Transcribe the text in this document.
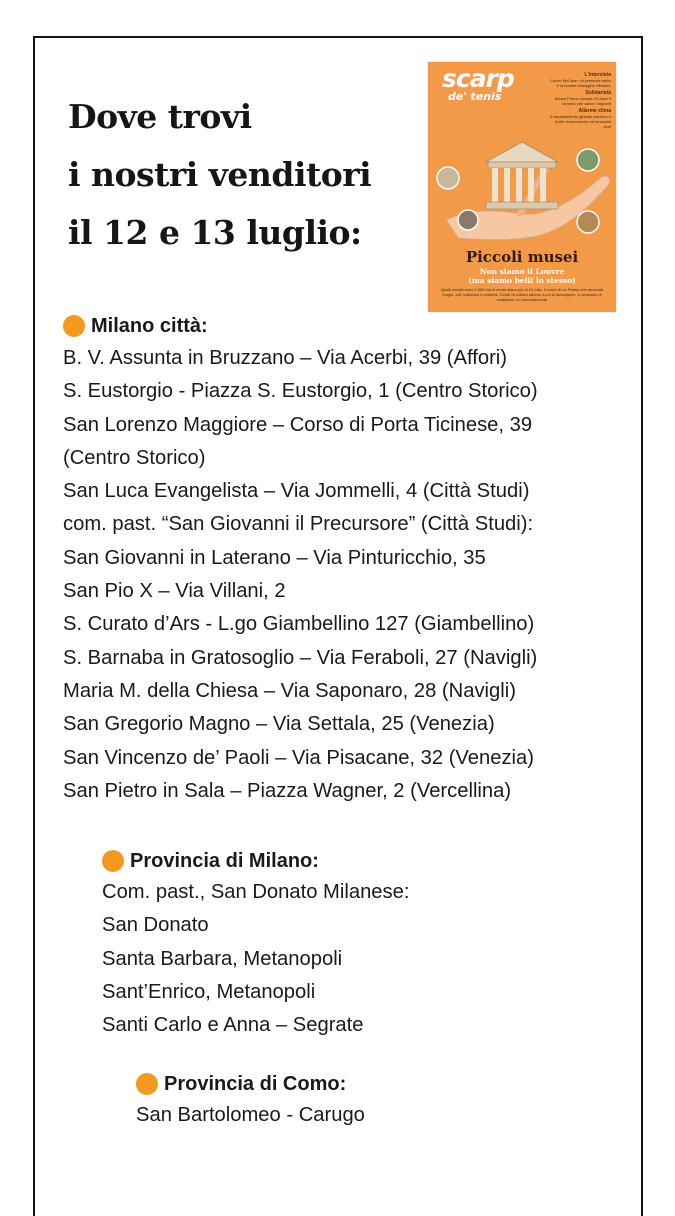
Dove trovi
i nostri venditori
il 12 e 13 luglio:
scarp
de' tenis
L'intervista
Colum McCann: «Il presente entrò e la mostra immagine riflessa»
Solidarietà
Alzare Phone compie 20 anni: il numero che salva i migranti
Allarme clima
Il riscaldamento globale estremo e livelli record anche nei prossimi anni
Piccoli musei
Non siamo il Louvre
(ma siamo belli lo stesso)
Quelli censiti sono 5.300 ma si crede siano più di 10 mila. Il cuore di un Paese che racconta luoghi, arti, tradizioni e costumi. Centri di cultura attorno a cui si raccolgono, e crescono di sostenere, le comunità locali
Milano città:
B. V. Assunta in Bruzzano – Via Acerbi, 39 (Affori)
S. Eustorgio - Piazza S. Eustorgio, 1 (Centro Storico)
San Lorenzo Maggiore – Corso di Porta Ticinese, 39
(Centro Storico)
San Luca Evangelista – Via Jommelli, 4 (Città Studi)
com. past. “San Giovanni il Precursore” (Città Studi):
San Giovanni in Laterano – Via Pinturicchio, 35
San Pio X – Via Villani, 2
S. Curato d’Ars - L.go Giambellino 127 (Giambellino)
S. Barnaba in Gratosoglio – Via Feraboli, 27 (Navigli)
Maria M. della Chiesa – Via Saponaro, 28 (Navigli)
San Gregorio Magno – Via Settala, 25 (Venezia)
San Vincenzo de’ Paoli – Via Pisacane, 32 (Venezia)
San Pietro in Sala – Piazza Wagner, 2 (Vercellina)
Provincia di Milano:
Com. past., San Donato Milanese:
San Donato
Santa Barbara, Metanopoli
Sant’Enrico, Metanopoli
Santi Carlo e Anna – Segrate
Provincia di Como:
San Bartolomeo - Carugo
